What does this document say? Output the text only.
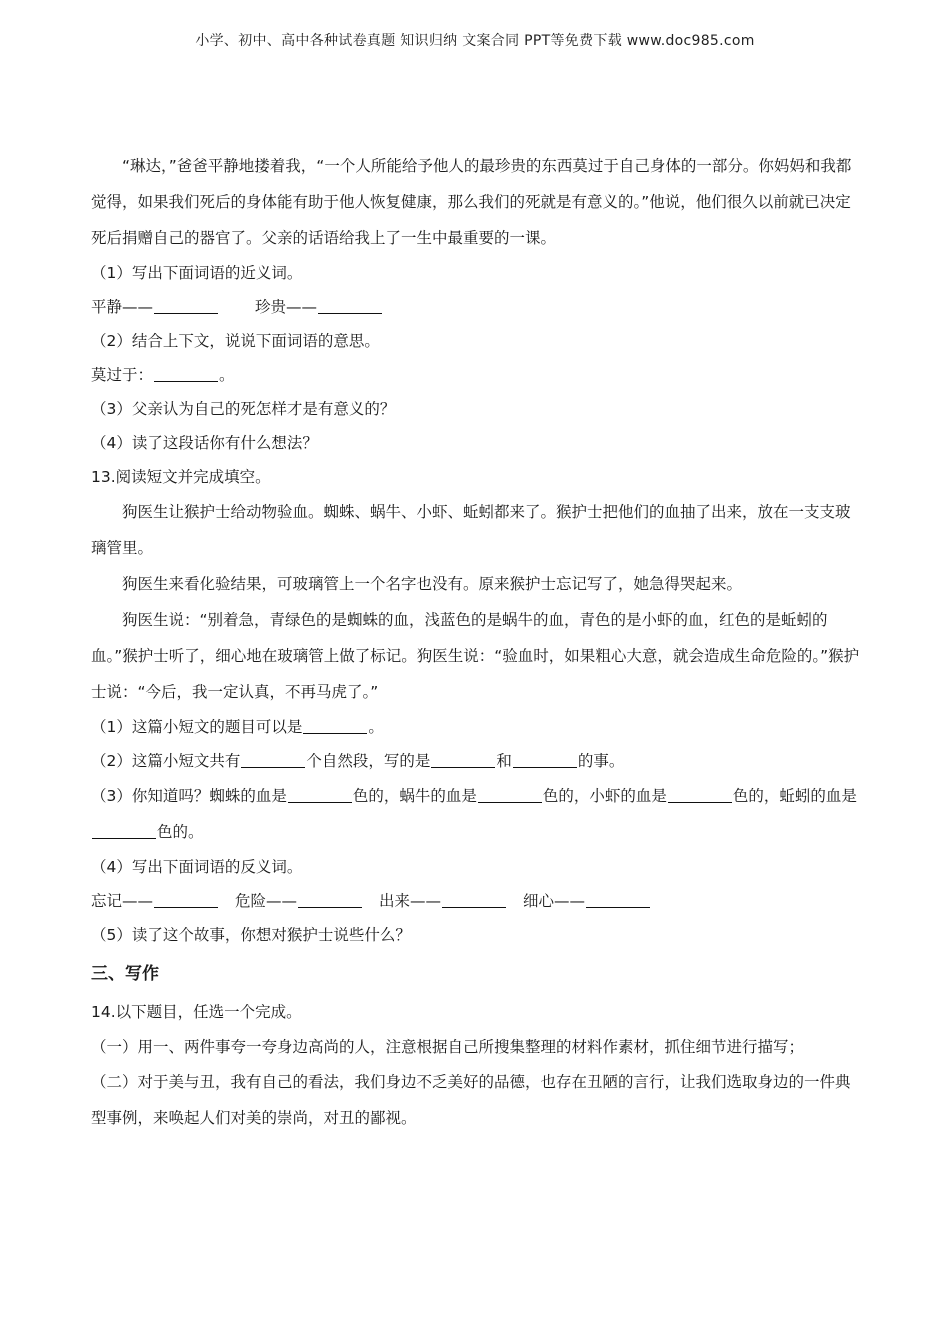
小学、初中、高中各种试卷真题 知识归纳 文案合同 PPT等免费下载 www.doc985.com

“琳达，”爸爸平静地搂着我，“一个人所能给予他人的最珍贵的东西莫过于自己身体的一部分。你妈妈和我都觉得，如果我们死后的身体能有助于他人恢复健康，那么我们的死就是有意义的。”他说，他们很久以前就已决定死后捐赠自己的器官了。父亲的话语给我上了一生中最重要的一课。

（1）写出下面词语的近义词。

平静——	珍贵——

（2）结合上下文，说说下面词语的意思。

莫过于：	。

（3）父亲认为自己的死怎样才是有意义的？

（4）读了这段话你有什么想法？

13.阅读短文并完成填空。

狗医生让猴护士给动物验血。蜘蛛、蜗牛、小虾、蚯蚓都来了。猴护士把他们的血抽了出来，放在一支支玻璃管里。

狗医生来看化验结果，可玻璃管上一个名字也没有。原来猴护士忘记写了，她急得哭起来。

狗医生说：“别着急，青绿色的是蜘蛛的血，浅蓝色的是蜗牛的血，青色的是小虾的血，红色的是蚯蚓的血。”猴护士听了，细心地在玻璃管上做了标记。狗医生说：“验血时，如果粗心大意，就会造成生命危险的。”猴护士说：“今后，我一定认真，不再马虎了。”

（1）这篇小短文的题目可以是	。

（2）这篇小短文共有	个自然段，写的是	和	的事。

（3）你知道吗？蜘蛛的血是	色的，蜗牛的血是	色的，小虾的血是	色的，蚯蚓的血是色的。

（4）写出下面词语的反义词。

忘记——	危险——	出来——	细心——

（5）读了这个故事，你想对猴护士说些什么？

三、写作

14.以下题目，任选一个完成。

（一）用一、两件事夸一夸身边高尚的人，注意根据自己所搜集整理的材料作素材，抓住细节进行描写；

（二）对于美与丑，我有自己的看法，我们身边不乏美好的品德，也存在丑陋的言行，让我们选取身边的一件典型事例，来唤起人们对美的崇尚，对丑的鄙视。
